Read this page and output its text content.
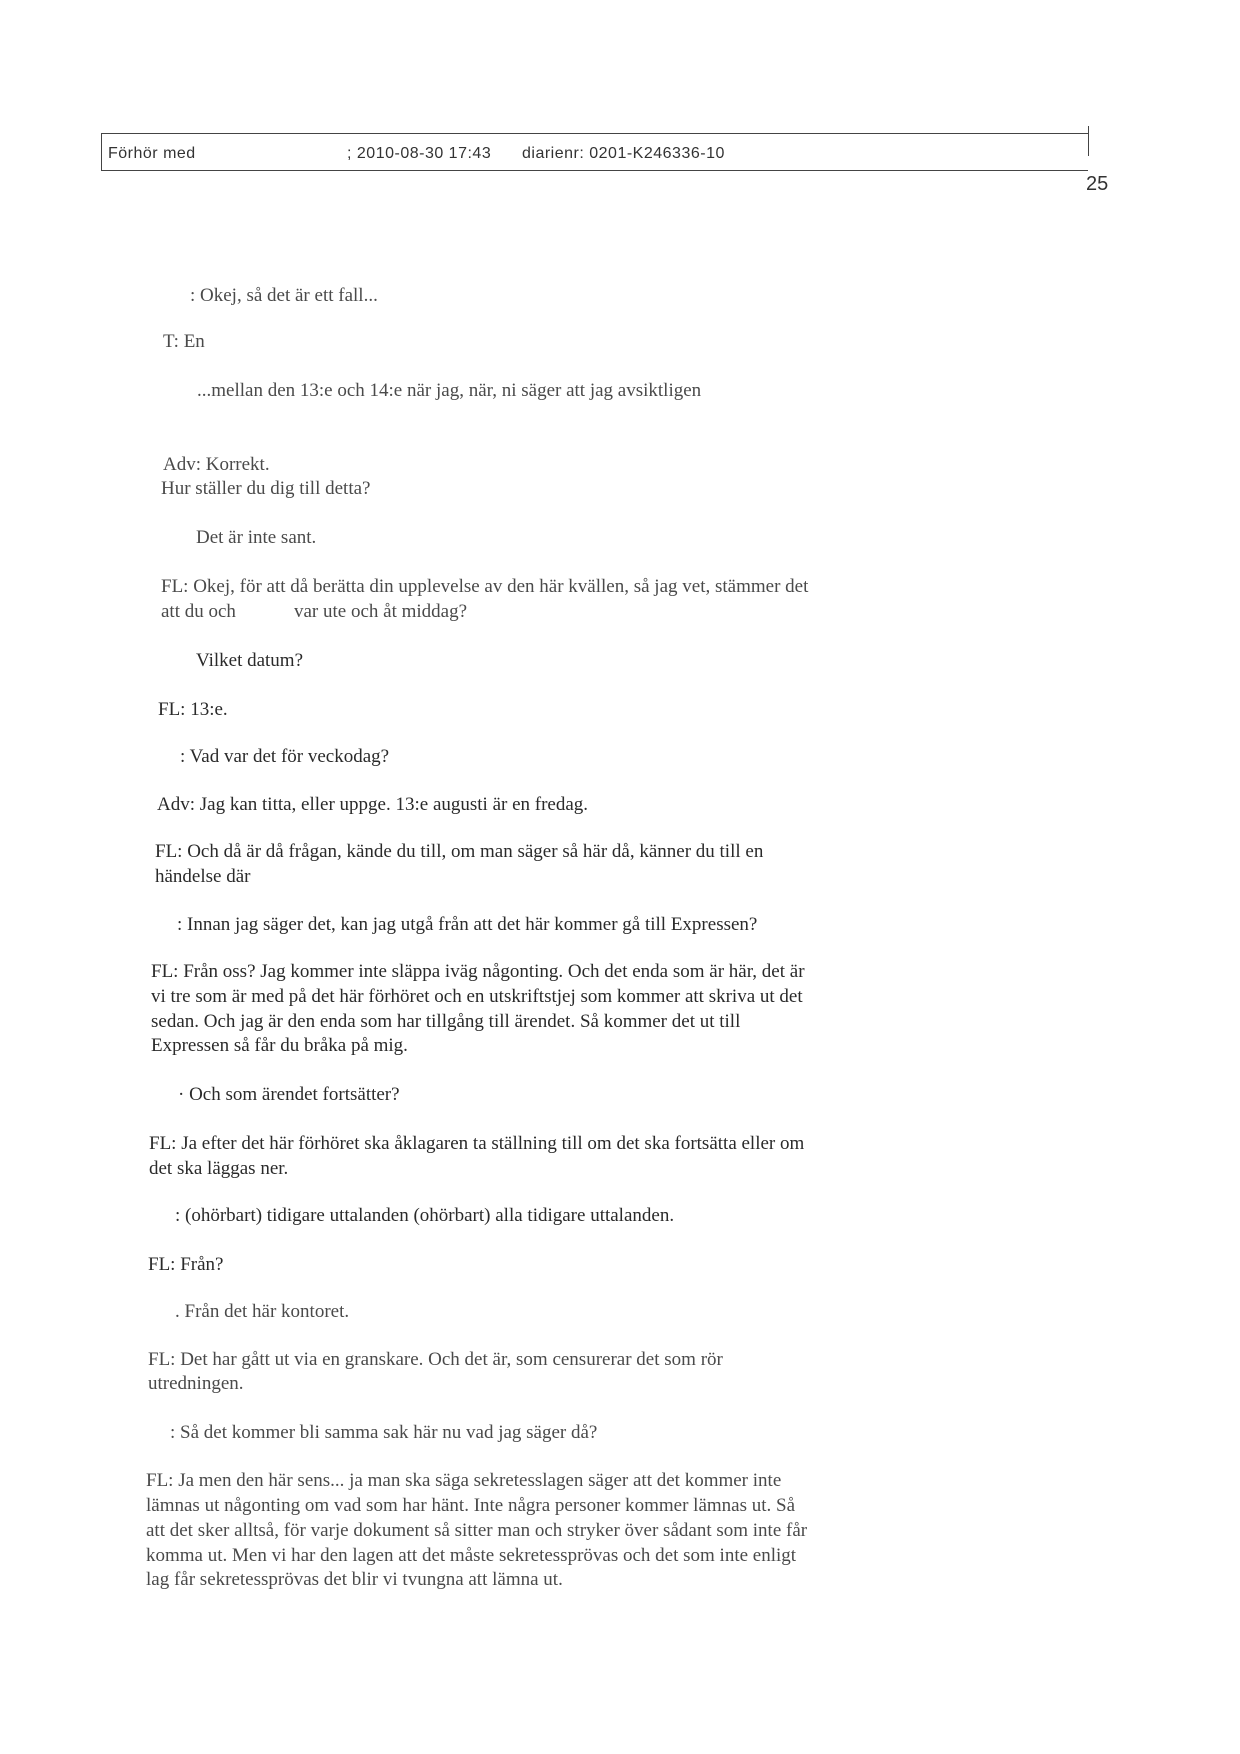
Förhör med	; 2010-08-30 17:43 diarienr: 0201-K246336-10
25
: Okej, så det är ett fall...
T: En
...mellan den 13:e och 14:e när jag, när, ni säger att jag avsiktligen
Adv: Korrekt.
Hur ställer du dig till detta?
Det är inte sant.
FL: Okej, för att då berätta din upplevelse av den här kvällen, så jag vet, stämmer det
att du och	var ute och åt middag?
Vilket datum?
FL: 13:e.
: Vad var det för veckodag?
Adv: Jag kan titta, eller uppge. 13:e augusti är en fredag.
FL: Och då är då frågan, kände du till, om man säger så här då, känner du till en
händelse där
: Innan jag säger det, kan jag utgå från att det här kommer gå till Expressen?
FL: Från oss? Jag kommer inte släppa iväg någonting. Och det enda som är här, det är
vi tre som är med på det här förhöret och en utskriftstjej som kommer att skriva ut det
sedan. Och jag är den enda som har tillgång till ärendet. Så kommer det ut till
Expressen så får du bråka på mig.
· Och som ärendet fortsätter?
FL: Ja efter det här förhöret ska åklagaren ta ställning till om det ska fortsätta eller om
det ska läggas ner.
: (ohörbart) tidigare uttalanden (ohörbart) alla tidigare uttalanden.
FL: Från?
. Från det här kontoret.
FL: Det har gått ut via en granskare. Och det är, som censurerar det som rör
utredningen.
: Så det kommer bli samma sak här nu vad jag säger då?
FL: Ja men den här sens... ja man ska säga sekretesslagen säger att det kommer inte
lämnas ut någonting om vad som har hänt. Inte några personer kommer lämnas ut. Så
att det sker alltså, för varje dokument så sitter man och stryker över sådant som inte får
komma ut. Men vi har den lagen att det måste sekretessprövas och det som inte enligt
lag får sekretessprövas det blir vi tvungna att lämna ut.
